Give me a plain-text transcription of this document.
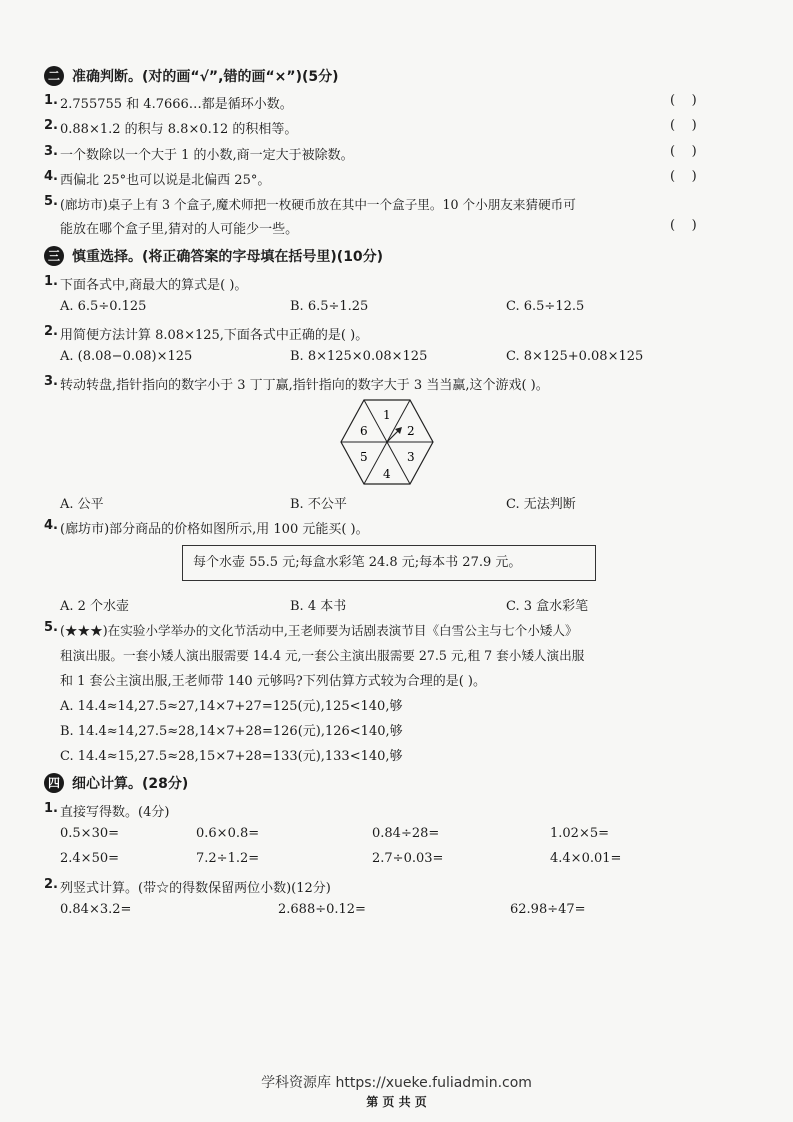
二 准确判断。(对的画“√”,错的画“×”)(5分)
1. 2.755755 和 4.7666…都是循环小数。	(    )
2. 0.88×1.2 的积与 8.8×0.12 的积相等。	(    )
3. 一个数除以一个大于 1 的小数,商一定大于被除数。	(    )
4. 西偏北 25°也可以说是北偏西 25°。	(    )
5. (廊坊市)桌子上有 3 个盒子,魔术师把一枚硬币放在其中一个盒子里。10 个小朋友来猜硬币可
能放在哪个盒子里,猜对的人可能少一些。	(    )
三 慎重选择。(将正确答案的字母填在括号里)(10分)
1. 下面各式中,商最大的算式是( )。
A. 6.5÷0.125	B. 6.5÷1.25	C. 6.5÷12.5
2. 用简便方法计算 8.08×125,下面各式中正确的是( )。
A. (8.08−0.08)×125	B. 8×125×0.08×125	C. 8×125+0.08×125
3. 转动转盘,指针指向的数字小于 3 丁丁赢,指针指向的数字大于 3 当当赢,这个游戏( )。
1
2
3
4
5
6
A. 公平	B. 不公平	C. 无法判断
4. (廊坊市)部分商品的价格如图所示,用 100 元能买( )。
每个水壶 55.5 元;每盒水彩笔 24.8 元;每本书 27.9 元。
A. 2 个水壶	B. 4 本书	C. 3 盒水彩笔
5. (★★★)在实验小学举办的文化节活动中,王老师要为话剧表演节目《白雪公主与七个小矮人》
租演出服。一套小矮人演出服需要 14.4 元,一套公主演出服需要 27.5 元,租 7 套小矮人演出服
和 1 套公主演出服,王老师带 140 元够吗?下列估算方式较为合理的是( )。
A. 14.4≈14,27.5≈27,14×7+27=125(元),125<140,够
B. 14.4≈14,27.5≈28,14×7+28=126(元),126<140,够
C. 14.4≈15,27.5≈28,15×7+28=133(元),133<140,够
四 细心计算。(28分)
1. 直接写得数。(4分)
0.5×30=	0.6×0.8=	0.84÷28=	1.02×5=
2.4×50=	7.2÷1.2=	2.7÷0.03=	4.4×0.01=
2. 列竖式计算。(带☆的得数保留两位小数)(12分)
0.84×3.2=	2.688÷0.12=	62.98÷47=
学科资源库 https://xueke.fuliadmin.com
第 页 共 页
